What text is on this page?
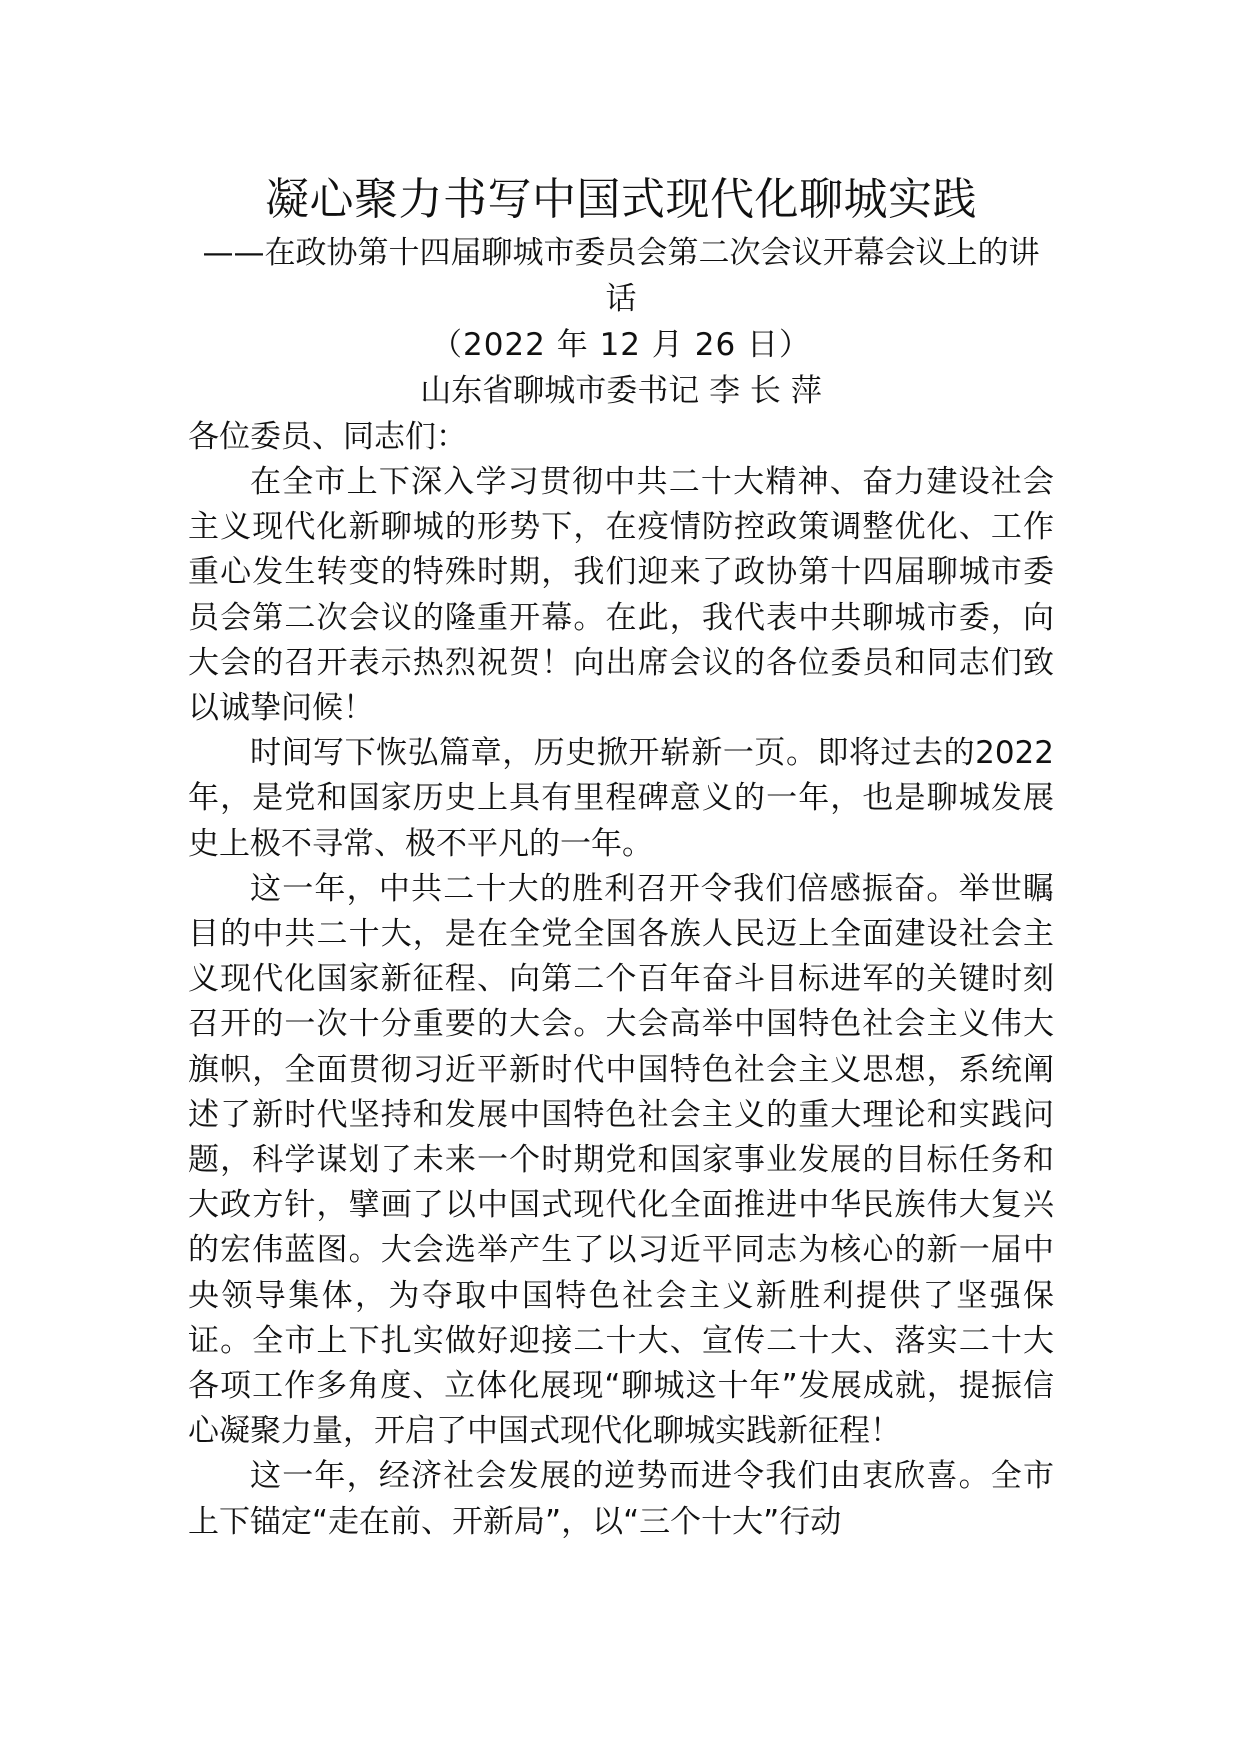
凝心聚力书写中国式现代化聊城实践

——在政协第十四届聊城市委员会第二次会议开幕会议上的讲话

（2022 年 12 月 26 日）

山东省聊城市委书记 李 长 萍

各位委员、同志们：

在全市上下深入学习贯彻中共二十大精神、奋力建设社会主义现代化新聊城的形势下，在疫情防控政策调整优化、工作重心发生转变的特殊时期，我们迎来了政协第十四届聊城市委员会第二次会议的隆重开幕。在此，我代表中共聊城市委，向大会的召开表示热烈祝贺！向出席会议的各位委员和同志们致以诚挚问候！

时间写下恢弘篇章，历史掀开崭新一页。即将过去的2022 年，是党和国家历史上具有里程碑意义的一年，也是聊城发展史上极不寻常、极不平凡的一年。

这一年，中共二十大的胜利召开令我们倍感振奋。举世瞩目的中共二十大，是在全党全国各族人民迈上全面建设社会主义现代化国家新征程、向第二个百年奋斗目标进军的关键时刻召开的一次十分重要的大会。大会高举中国特色社会主义伟大旗帜，全面贯彻习近平新时代中国特色社会主义思想，系统阐述了新时代坚持和发展中国特色社会主义的重大理论和实践问题，科学谋划了未来一个时期党和国家事业发展的目标任务和大政方针，擘画了以中国式现代化全面推进中华民族伟大复兴的宏伟蓝图。大会选举产生了以习近平同志为核心的新一届中央领导集体，为夺取中国特色社会主义新胜利提供了坚强保证。全市上下扎实做好迎接二十大、宣传二十大、落实二十大各项工作多角度、立体化展现“聊城这十年”发展成就，提振信心凝聚力量，开启了中国式现代化聊城实践新征程！

这一年，经济社会发展的逆势而进令我们由衷欣喜。全市上下锚定“走在前、开新局”，以“三个十大”行动
